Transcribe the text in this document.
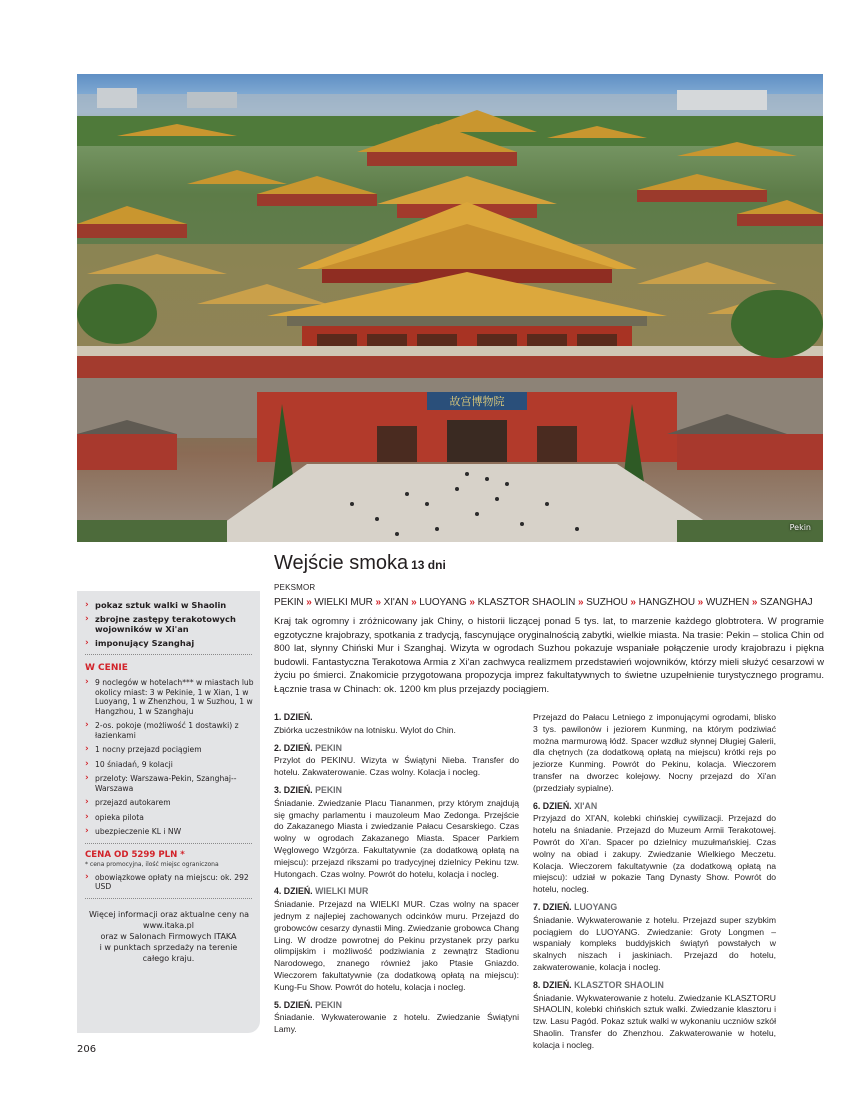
故宫博物院
Pekin
Wejście smoka 13 dni
PEKSMOR
PEKIN » WIELKI MUR » XI'AN » LUOYANG » KLASZTOR SHAOLIN » SUZHOU » HANGZHOU » WUZHEN » SZANGHAJ
Kraj tak ogromny i zróżnicowany jak Chiny, o historii liczącej ponad 5 tys. lat, to marzenie każdego globtrotera. W programie egzotyczne krajobrazy, spotkania z tradycją, fascynujące oryginalnością zabytki, wielkie miasta. Na trasie: Pekin – stolica Chin od 800 lat, słynny Chiński Mur i Szanghaj. Wizyta w ogrodach Suzhou pokazuje wspaniałe połączenie urody krajobrazu i piękna budowli. Fantastyczna Terakotowa Armia z Xi'an zachwyca realizmem przedstawień wojowników, którzy mieli służyć cesarzowi w życiu po śmierci. Znakomicie przygotowana propozycja imprez fakultatywnych to świetne uzupełnienie turystycznego programu. Łącznie trasa w Chinach: ok. 1200 km plus przejazdy pociągiem.
1. DZIEŃ.
Zbiórka uczestników na lotnisku. Wylot do Chin.
2. DZIEŃ. PEKIN
Przylot do PEKINU. Wizyta w Świątyni Nieba. Transfer do hotelu. Zakwaterowanie. Czas wolny. Kolacja i nocleg.
3. DZIEŃ. PEKIN
Śniadanie. Zwiedzanie Placu Tiananmen, przy którym znajdują się gmachy parlamentu i mauzoleum Mao Zedonga. Przejście do Zakazanego Miasta i zwiedzanie Pałacu Cesarskiego. Czas wolny w ogrodach Zakazanego Miasta. Spacer Parkiem Węglowego Wzgórza. Fakultatywnie (za dodatkową opłatą na miejscu): przejazd rikszami po tradycyjnej dzielnicy Pekinu tzw. Hutongach. Czas wolny. Powrót do hotelu, kolacja i nocleg.
4. DZIEŃ. WIELKI MUR
Śniadanie. Przejazd na WIELKI MUR. Czas wolny na spacer jednym z najlepiej zachowanych odcinków muru. Przejazd do grobowców cesarzy dynastii Ming. Zwiedzanie grobowca Chang Ling. W drodze powrotnej do Pekinu przystanek przy parku olimpijskim i możliwość podziwiania z zewnątrz Stadionu Narodowego, znanego również jako Ptasie Gniazdo. Wieczorem fakultatywnie (za dodatkową opłatą na miejscu): Kung-Fu Show. Powrót do hotelu, kolacja i nocleg.
5. DZIEŃ. PEKIN
Śniadanie. Wykwaterowanie z hotelu. Zwiedzanie Świątyni Lamy.
Przejazd do Pałacu Letniego z imponującymi ogrodami, blisko 3 tys. pawilonów i jeziorem Kunming, na którym podziwiać można marmurową łódź. Spacer wzdłuż słynnej Długiej Galerii, dla chętnych (za dodatkową opłatą na miejscu) krótki rejs po jeziorze Kunming. Powrót do Pekinu, kolacja. Wieczorem transfer na dworzec kolejowy. Nocny przejazd do Xi'an (przedziały sypialne).
6. DZIEŃ. XI'AN
Przyjazd do XI'AN, kolebki chińskiej cywilizacji. Przejazd do hotelu na śniadanie. Przejazd do Muzeum Armii Terakotowej. Powrót do Xi'an. Spacer po dzielnicy muzułmańskiej. Czas wolny na obiad i zakupy. Zwiedzanie Wielkiego Meczetu. Kolacja. Wieczorem fakultatywnie (za dodatkową opłatą na miejscu): udział w pokazie Tang Dynasty Show. Powrót do hotelu, nocleg.
7. DZIEŃ. LUOYANG
Śniadanie. Wykwaterowanie z hotelu. Przejazd super szybkim pociągiem do LUOYANG. Zwiedzanie: Groty Longmen – wspaniały kompleks buddyjskich świątyń powstałych w skalnych niszach i jaskiniach. Przejazd do hotelu, zakwaterowanie, kolacja i nocleg.
8. DZIEŃ. KLASZTOR SHAOLIN
Śniadanie. Wykwaterowanie z hotelu. Zwiedzanie KLASZTORU SHAOLIN, kolebki chińskich sztuk walki. Zwiedzanie klasztoru i tzw. Lasu Pagód. Pokaz sztuk walki w wykonaniu uczniów szkół Shaolin. Transfer do Zhenzhou. Zakwaterowanie w hotelu, kolacja i nocleg.
› pokaz sztuk walki w Shaolin
› zbrojne zastępy terakotowych wojowników w Xi'an
› imponujący Szanghaj
W CENIE
› 9 noclegów w hotelach*** w miastach lub okolicy miast: 3 w Pekinie, 1 w Xian, 1 w Luoyang, 1 w Zhenzhou, 1 w Suzhou, 1 w Hangzhou, 1 w Szanghaju
› 2-os. pokoje (możliwość 1 dostawki) z łazienkami
› 1 nocny przejazd pociągiem
› 10 śniadań, 9 kolacji
› przeloty: Warszawa-Pekin, Szanghaj--Warszawa
› przejazd autokarem
› opieka pilota
› ubezpieczenie KL i NW
CENA OD 5299 PLN *
* cena promocyjna, ilość miejsc ograniczona
› obowiązkowe opłaty na miejscu: ok. 292 USD
Więcej informacji oraz aktualne ceny na
www.itaka.pl
oraz w Salonach Firmowych ITAKA
i w punktach sprzedaży na terenie
całego kraju.
206
